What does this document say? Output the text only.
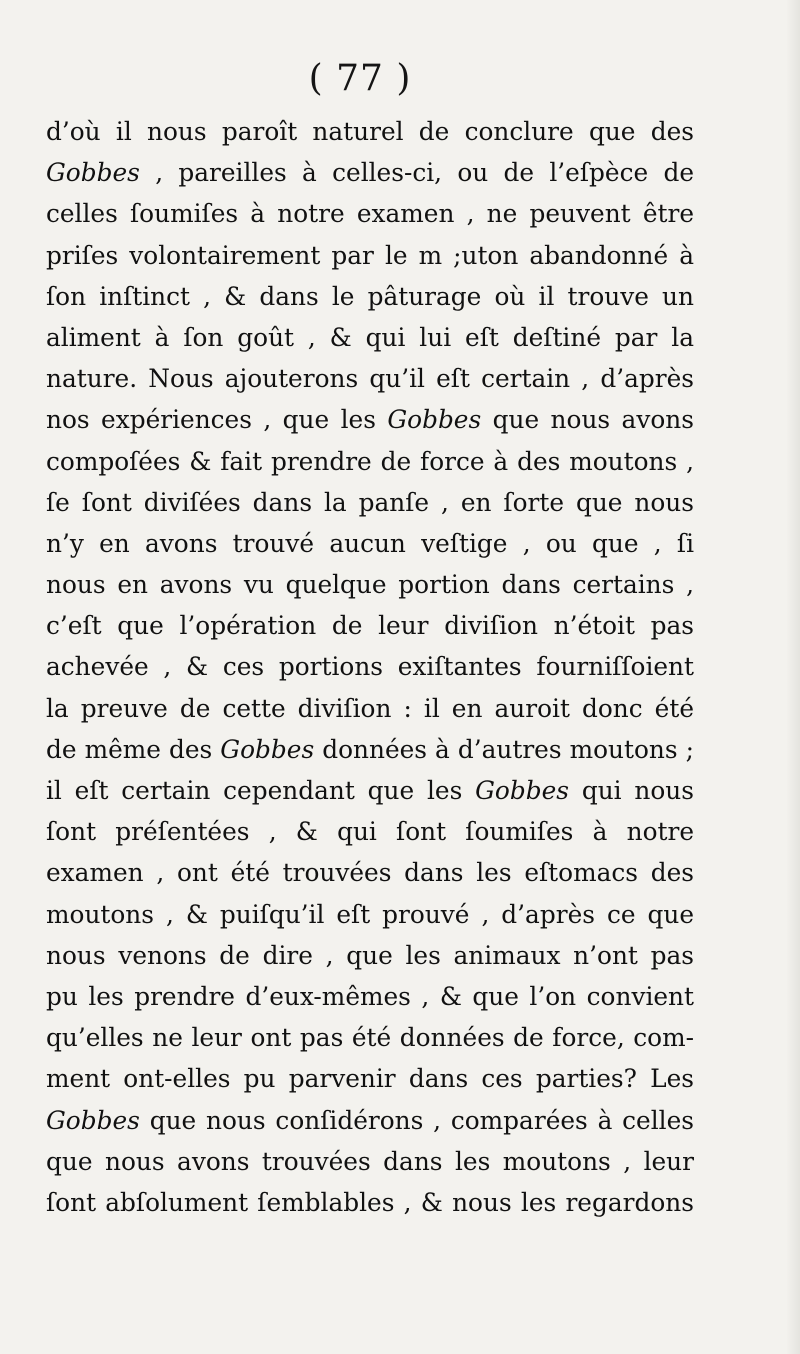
( 77 )
d’où il nous paroît naturel de conclure que des
Gobbes , pareilles à celles-ci, ou de l’eſpèce de
celles ſoumiſes à notre examen , ne peuvent être
priſes volontairement par le m ;uton abandonné à
ſon inſtinct , & dans le pâturage où il trouve un
aliment à ſon goût , & qui lui eſt deſtiné par la
nature. Nous ajouterons qu’il eſt certain , d’après
nos expériences , que les Gobbes que nous avons
compoſées & fait prendre de force à des moutons ,
ſe ſont diviſées dans la panſe , en ſorte que nous
n’y en avons trouvé aucun veſtige , ou que , ſi
nous en avons vu quelque portion dans certains ,
c’eſt que l’opération de leur diviſion n’étoit pas
achevée , & ces portions exiſtantes fourniſſoient
la preuve de cette diviſion : il en auroit donc été
de même des Gobbes données à d’autres moutons ;
il eſt certain cependant que les Gobbes qui nous
ſont préſentées , & qui ſont ſoumiſes à notre
examen , ont été trouvées dans les eſtomacs des
moutons , & puiſqu’il eſt prouvé , d’après ce que
nous venons de dire , que les animaux n’ont pas
pu les prendre d’eux-mêmes , & que l’on convient
qu’elles ne leur ont pas été données de force, com-
ment ont-elles pu parvenir dans ces parties? Les
Gobbes que nous conſidérons , comparées à celles
que nous avons trouvées dans les moutons , leur
ſont abſolument ſemblables , & nous les regardons
